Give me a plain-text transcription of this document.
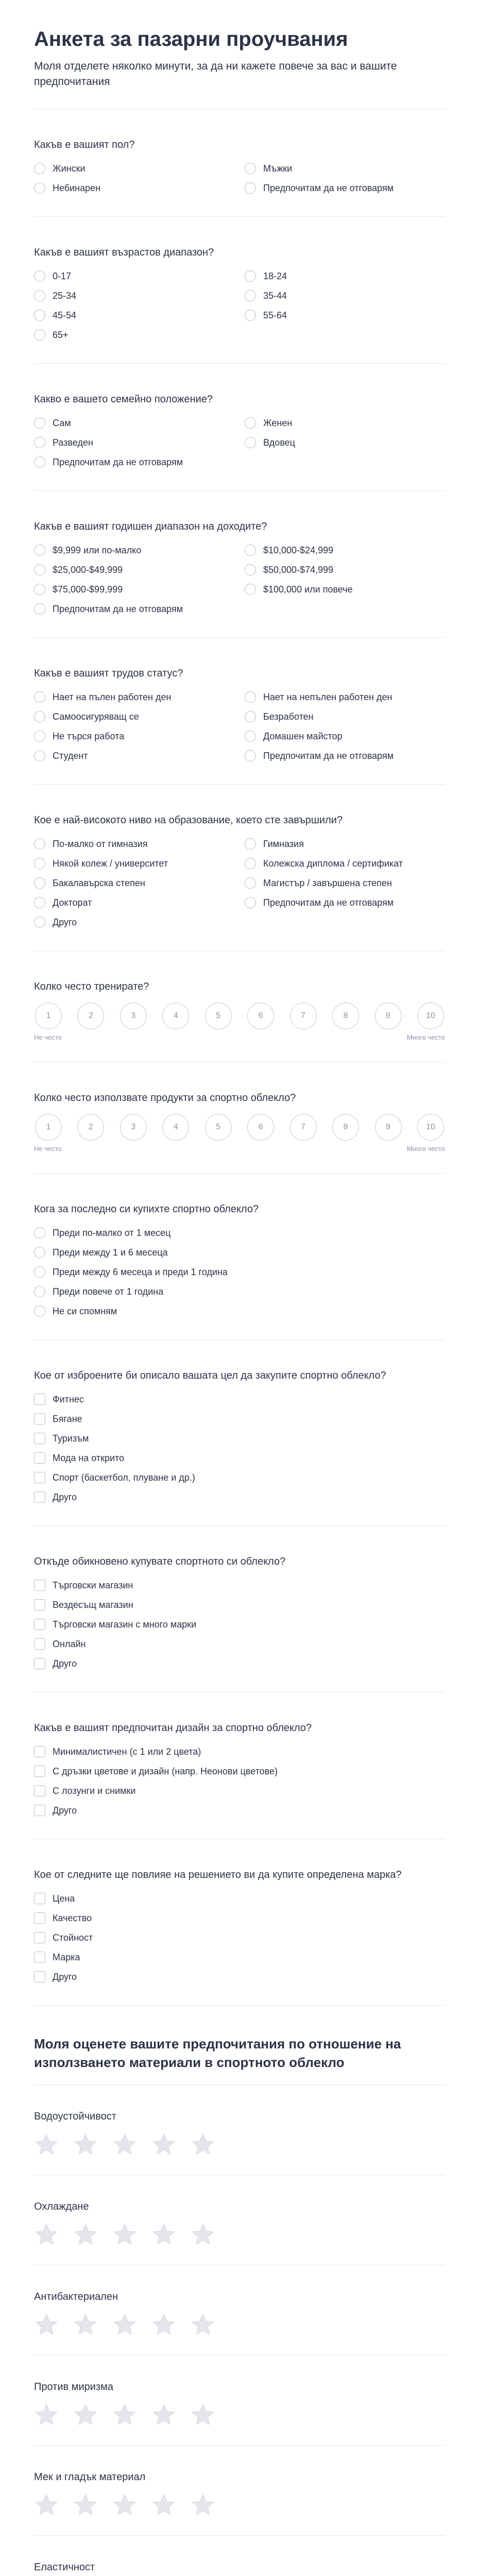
Анкета за пазарни проучвания
Моля отделете няколко минути, за да ни кажете повече за вас и вашите предпочитания
Какъв е вашият пол?
Жински	Мъжки
Небинарен	Предпочитам да не отговарям
Какъв е вашият възрастов диапазон?
0-17	18-24
25-34	35-44
45-54	55-64
65+
Какво е вашето семейно положение?
Сам	Женен
Разведен	Вдовец
Предпочитам да не отговарям
Какъв е вашият годишен диапазон на доходите?
$9,999 или по-малко	$10,000-$24,999
$25,000-$49,999	$50,000-$74,999
$75,000-$99,999	$100,000 или повече
Предпочитам да не отговарям
Какъв е вашият трудов статус?
Нает на пълен работен ден	Нает на непълен работен ден
Самоосигуряващ се	Безработен
Не търся работа	Домашен майстор
Студент	Предпочитам да не отговарям
Кое е най-високото ниво на образование, което сте завършили?
По-малко от гимназия	Гимназия
Някой колеж / университет	Колежска диплома / сертификат
Бакалавърска степен	Магистър / завършена степен
Докторат	Предпочитам да не отговарям
Друго
Колко често тренирате?
1	2	3	4	5	6	7	8	9	10
Не често	Много често
Колко често използвате продукти за спортно облекло?
1	2	3	4	5	6	7	8	9	10
Не често	Много често
Кога за последно си купихте спортно облекло?
Преди по-малко от 1 месец
Преди между 1 и 6 месеца
Преди между 6 месеца и преди 1 година
Преди повече от 1 година
Не си спомням
Кое от изброените би описало вашата цел да закупите спортно облекло?
Фитнес
Бягане
Туризъм
Мода на открито
Спорт (баскетбол, плуване и др.)
Друго
Откъде обикновено купувате спортното си облекло?
Търговски магазин
Вездесъщ магазин
Търговски магазин с много марки
Онлайн
Друго
Какъв е вашият предпочитан дизайн за спортно облекло?
Минималистичен (с 1 или 2 цвета)
С дръзки цветове и дизайн (напр. Неонови цветове)
С лозунги и снимки
Друго
Кое от следните ще повлияе на решението ви да купите определена марка?
Цена
Качество
Стойност
Марка
Друго
Моля оценете вашите предпочитания по отношение на използването материали в спортното облекло
Водоустойчивост
Охлаждане
Антибактериален
Против миризма
Мек и гладък материал
Еластичност
